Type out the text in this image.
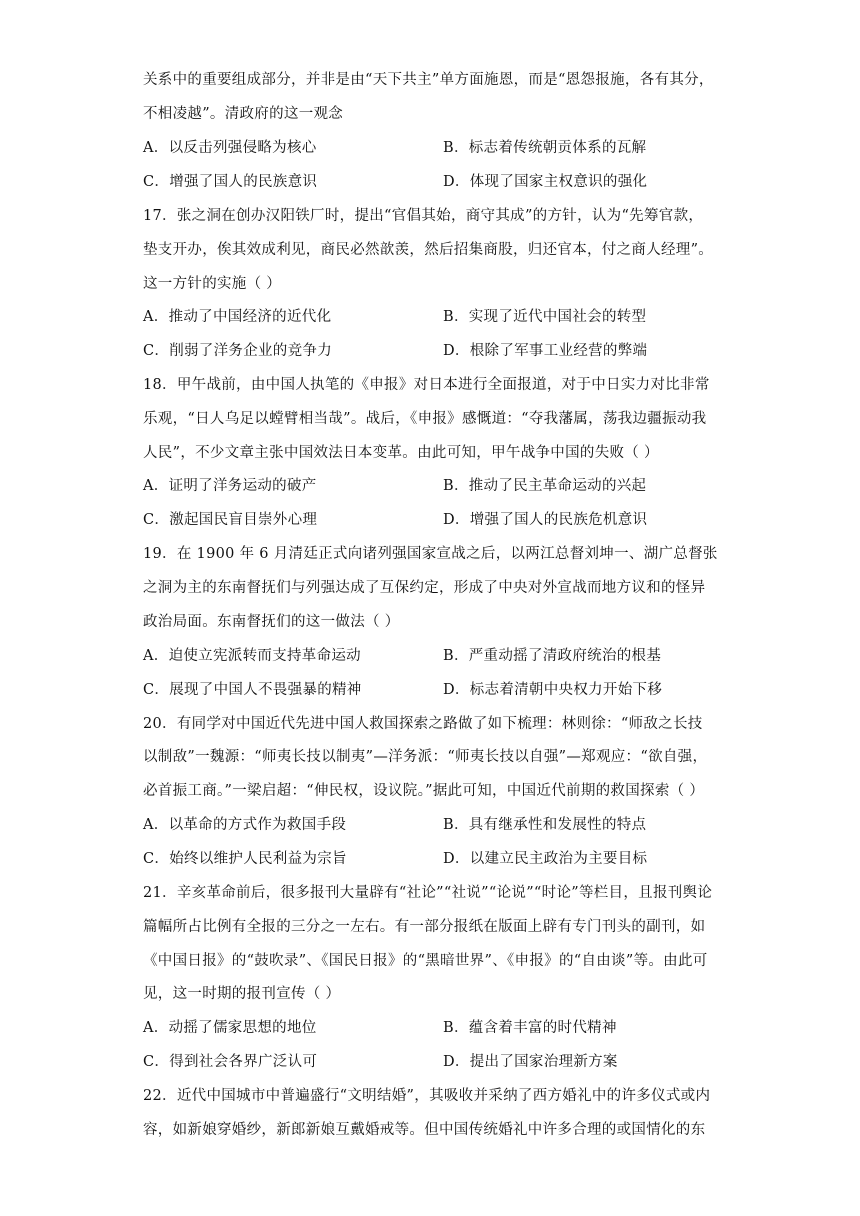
关系中的重要组成部分，并非是由“天下共主”单方面施恩，而是“恩怨报施，各有其分，
不相凌越”。清政府的这一观念
A．以反击列强侵略为核心	B．标志着传统朝贡体系的瓦解
C．增强了国人的民族意识	D．体现了国家主权意识的强化
17．张之洞在创办汉阳铁厂时，提出“官倡其始，商守其成”的方针，认为“先筹官款，
垫支开办，俟其效成利见，商民必然歆羡，然后招集商股，归还官本，付之商人经理”。
这一方针的实施（ ）
A．推动了中国经济的近代化	B．实现了近代中国社会的转型
C．削弱了洋务企业的竞争力	D．根除了军事工业经营的弊端
18．甲午战前，由中国人执笔的《申报》对日本进行全面报道，对于中日实力对比非常
乐观，“日人乌足以螳臂相当哉”。战后，《申报》感慨道：“夺我藩属，荡我边疆振动我
人民”，不少文章主张中国效法日本变革。由此可知，甲午战争中国的失败（ ）
A．证明了洋务运动的破产	B．推动了民主革命运动的兴起
C．激起国民盲目崇外心理	D．增强了国人的民族危机意识
19．在 1900 年 6 月清廷正式向诸列强国家宣战之后，以两江总督刘坤一、湖广总督张
之洞为主的东南督抚们与列强达成了互保约定，形成了中央对外宣战而地方议和的怪异
政治局面。东南督抚们的这一做法（ ）
A．迫使立宪派转而支持革命运动	B．严重动摇了清政府统治的根基
C．展现了中国人不畏强暴的精神	D．标志着清朝中央权力开始下移
20．有同学对中国近代先进中国人救国探索之路做了如下梳理：林则徐：“师敌之长技
以制敌”一魏源：“师夷长技以制夷”—洋务派：“师夷长技以自强”—郑观应：“欲自强，
必首振工商。”一梁启超：“伸民权，设议院。”据此可知，中国近代前期的救国探索（ ）
A．以革命的方式作为救国手段	B．具有继承性和发展性的特点
C．始终以维护人民利益为宗旨	D．以建立民主政治为主要目标
21．辛亥革命前后，很多报刊大量辟有“社论”“社说”“论说”“时论”等栏目，且报刊舆论
篇幅所占比例有全报的三分之一左右。有一部分报纸在版面上辟有专门刊头的副刊，如
《中国日报》的“鼓吹录”、《国民日报》的“黑暗世界”、《申报》的“自由谈”等。由此可
见，这一时期的报刊宣传（ ）
A．动摇了儒家思想的地位	B．蕴含着丰富的时代精神
C．得到社会各界广泛认可	D．提出了国家治理新方案
22．近代中国城市中普遍盛行“文明结婚”，其吸收并采纳了西方婚礼中的许多仪式或内
容，如新娘穿婚纱，新郎新娘互戴婚戒等。但中国传统婚礼中许多合理的或国情化的东
